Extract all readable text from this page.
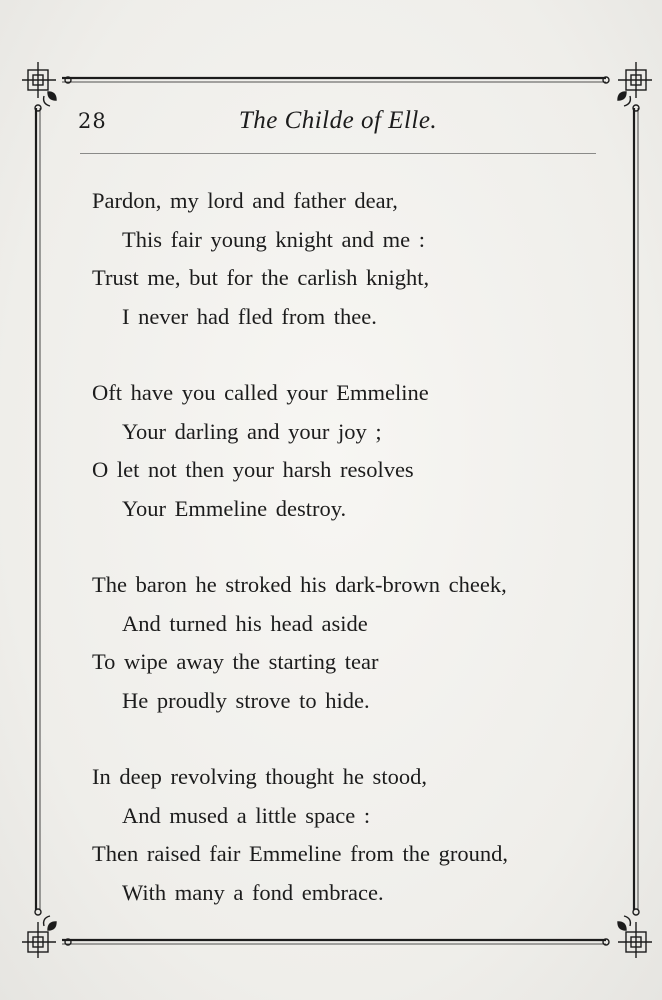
28	The Childe of Elle.
Pardon, my lord and father dear,
This fair young knight and me :
Trust me, but for the carlish knight,
I never had fled from thee.
Oft have you called your Emmeline
Your darling and your joy ;
O let not then your harsh resolves
Your Emmeline destroy.
The baron he stroked his dark-brown cheek,
And turned his head aside
To wipe away the starting tear
He proudly strove to hide.
In deep revolving thought he stood,
And mused a little space :
Then raised fair Emmeline from the ground,
With many a fond embrace.
